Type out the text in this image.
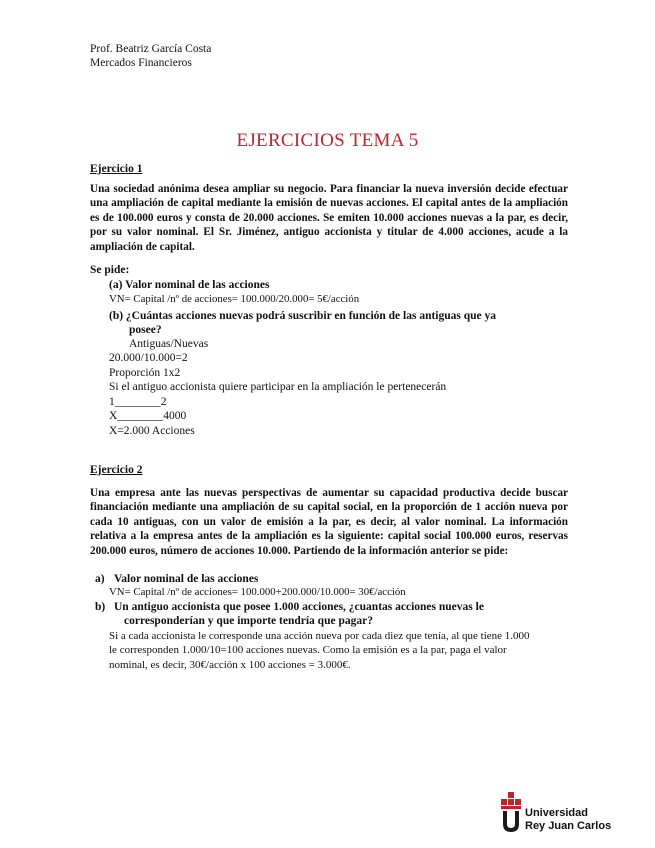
Prof. Beatriz García Costa
Mercados Financieros
EJERCICIOS TEMA 5
Ejercicio 1
Una sociedad anónima desea ampliar su negocio. Para financiar la nueva inversión decide efectuar una ampliación de capital mediante la emisión de nuevas acciones. El capital antes de la ampliación es de 100.000 euros y consta de 20.000 acciones. Se emiten 10.000 acciones nuevas a la par, es decir, por su valor nominal. El Sr. Jiménez, antiguo accionista y titular de 4.000 acciones, acude a la ampliación de capital.
Se pide:
(a) Valor nominal de las acciones
VN= Capital /nº de acciones= 100.000/20.000= 5€/acción
(b) ¿Cuántas acciones nuevas podrá suscribir en función de las antiguas que ya
posee?
Antiguas/Nuevas
20.000/10.000=2
Proporción 1x2
Si el antiguo accionista quiere participar en la ampliación le pertenecerán
1________2
X________4000
X=2.000 Acciones
Ejercicio 2
Una empresa ante las nuevas perspectivas de aumentar su capacidad productiva decide buscar financiación mediante una ampliación de su capital social, en la proporción de 1 acción nueva por cada 10 antiguas, con un valor de emisión a la par, es decir, al valor nominal. La información relativa a la empresa antes de la ampliación es la siguiente: capital social 100.000 euros, reservas 200.000 euros, número de acciones 10.000. Partiendo de la información anterior se pide:
a) Valor nominal de las acciones
VN= Capital /nº de acciones= 100.000+200.000/10.000= 30€/acción
b) Un antiguo accionista que posee 1.000 acciones, ¿cuantas acciones nuevas le
corresponderían y que importe tendría que pagar?
Si a cada accionista le corresponde una acción nueva por cada diez que tenía, al que tiene 1.000
le corresponden 1.000/10=100 acciones nuevas. Como la emisión es a la par, paga el valor
nominal, es decir, 30€/acción x 100 acciones = 3.000€.
Universidad
Rey Juan Carlos
